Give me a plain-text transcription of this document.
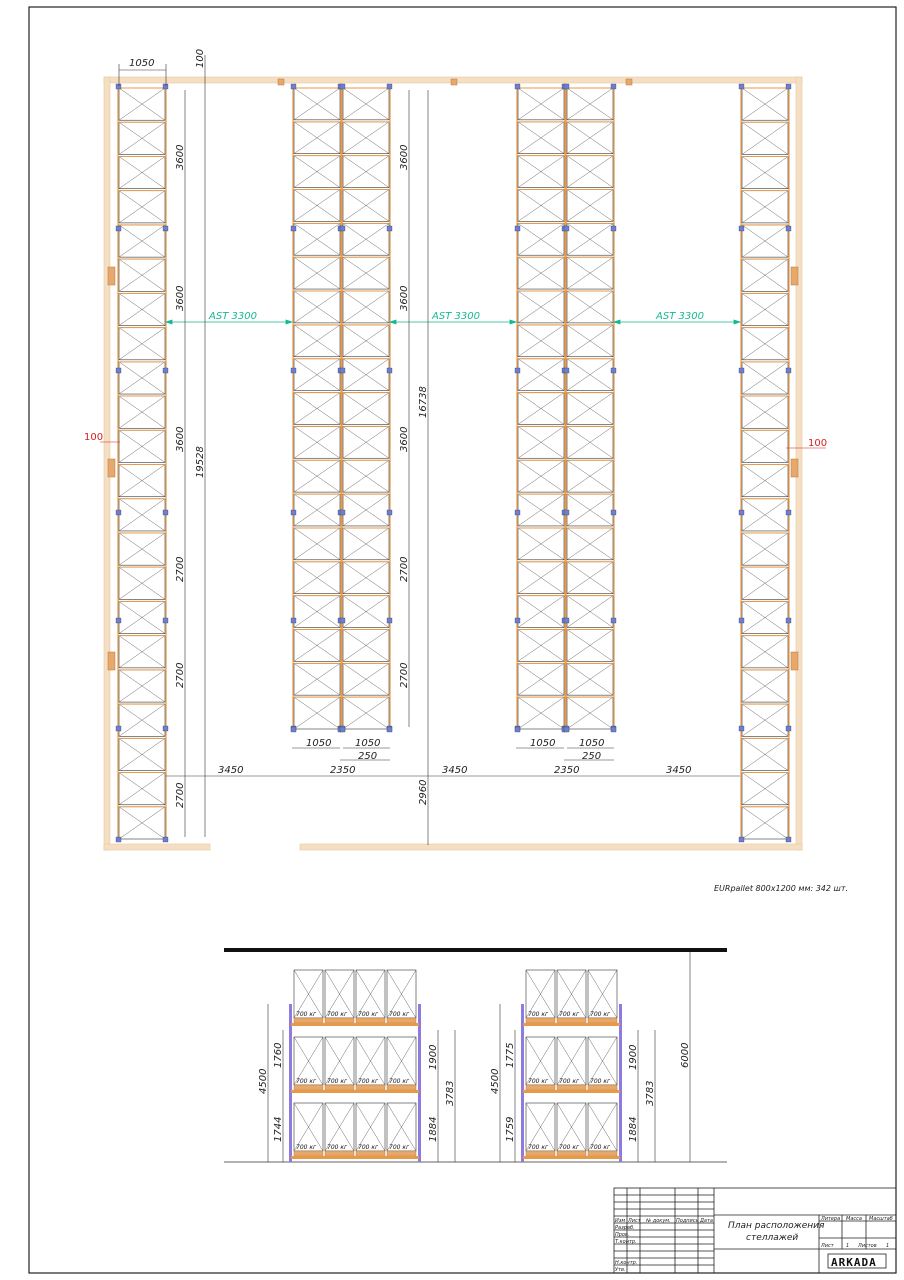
AST 3300	AST 3300	AST 3300
1050	100
3600
3600
3600
2700
2700
2700
19528
3600
3600
3600
2700
2700
16738
2960
100
100
3450	2350	3450	2350	3450
1050 1050	1050 1050
250	250
EURpallet 800x1200 мм: 342 шт.
700 кг 700 кг 700 кг 700 кг
700 кг 700 кг 700 кг 700 кг
700 кг 700 кг 700 кг 700 кг
700 кг 700 кг 700 кг
700 кг 700 кг 700 кг
700 кг 700 кг 700 кг
4500
1760
1744
1900
1884
3783	4500
1775
1759
1900
1884
3783
6000
Изм Лист № докум. Подпись Дата
Разраб.
Пров.
Т.контр.
Н.контр.
Утв.
План расположения
стеллажей
Литера Масса Масштаб
Лист 1 Листов 1
ARKADA
